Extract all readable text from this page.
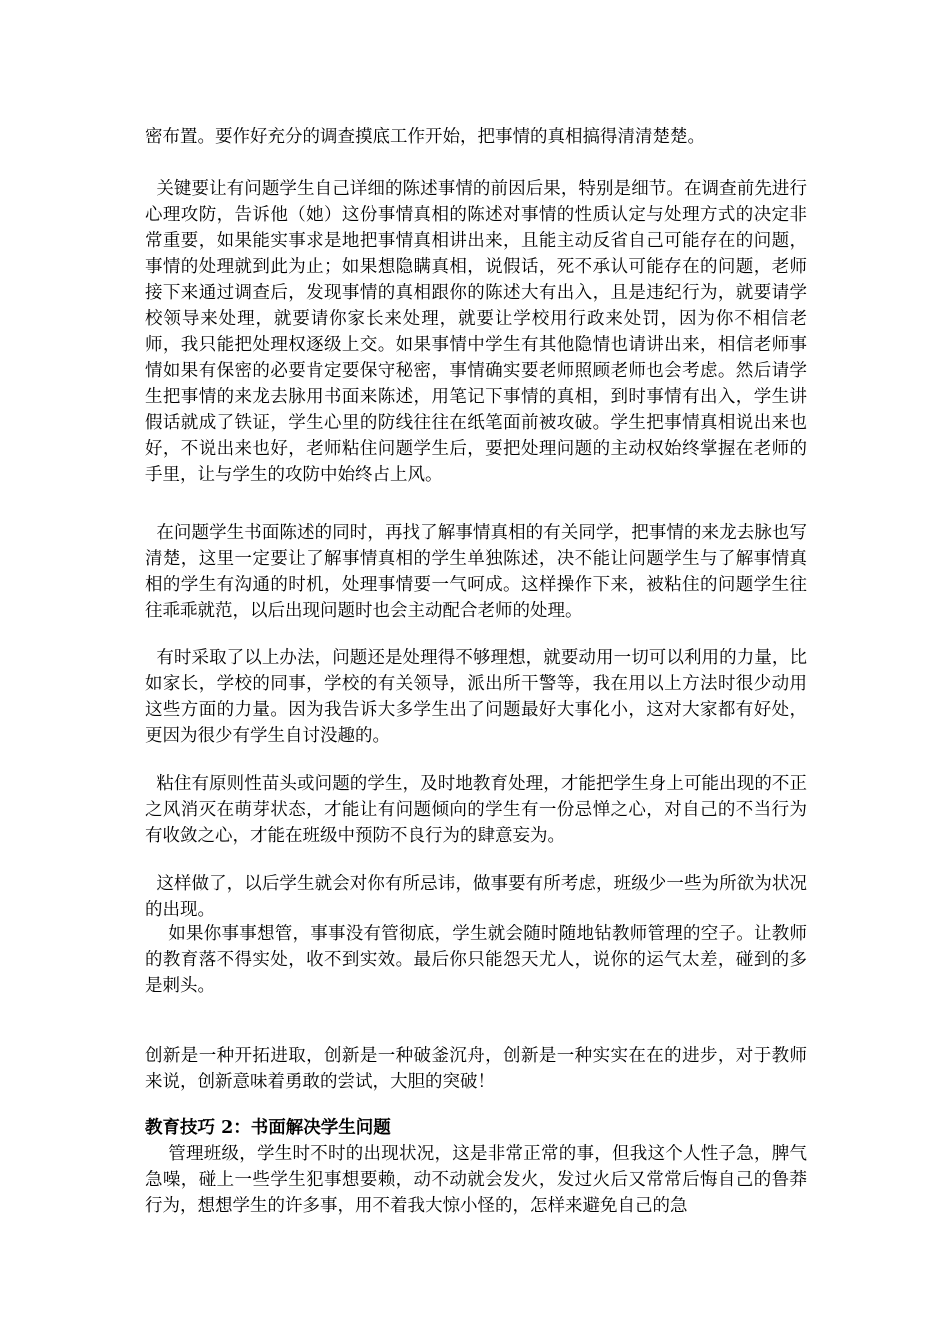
密布置。要作好充分的调查摸底工作开始，把事情的真相搞得清清楚楚。

关键要让有问题学生自己详细的陈述事情的前因后果，特别是细节。在调查前先进行心理攻防，告诉他（她）这份事情真相的陈述对事情的性质认定与处理方式的决定非常重要，如果能实事求是地把事情真相讲出来，且能主动反省自己可能存在的问题，事情的处理就到此为止；如果想隐瞒真相，说假话，死不承认可能存在的问题，老师接下来通过调查后，发现事情的真相跟你的陈述大有出入，且是违纪行为，就要请学校领导来处理，就要请你家长来处理，就要让学校用行政来处罚，因为你不相信老师，我只能把处理权逐级上交。如果事情中学生有其他隐情也请讲出来，相信老师事情如果有保密的必要肯定要保守秘密，事情确实要老师照顾老师也会考虑。然后请学生把事情的来龙去脉用书面来陈述，用笔记下事情的真相，到时事情有出入，学生讲假话就成了铁证，学生心里的防线往往在纸笔面前被攻破。学生把事情真相说出来也好，不说出来也好，老师粘住问题学生后，要把处理问题的主动权始终掌握在老师的手里，让与学生的攻防中始终占上风。

在问题学生书面陈述的同时，再找了解事情真相的有关同学，把事情的来龙去脉也写清楚，这里一定要让了解事情真相的学生单独陈述，决不能让问题学生与了解事情真相的学生有沟通的时机，处理事情要一气呵成。这样操作下来，被粘住的问题学生往往乖乖就范，以后出现问题时也会主动配合老师的处理。

有时采取了以上办法，问题还是处理得不够理想，就要动用一切可以利用的力量，比如家长，学校的同事，学校的有关领导，派出所干警等，我在用以上方法时很少动用这些方面的力量。因为我告诉大多学生出了问题最好大事化小，这对大家都有好处，更因为很少有学生自讨没趣的。

粘住有原则性苗头或问题的学生，及时地教育处理，才能把学生身上可能出现的不正之风消灭在萌芽状态，才能让有问题倾向的学生有一份忌惮之心，对自己的不当行为有收敛之心，才能在班级中预防不良行为的肆意妄为。

这样做了，以后学生就会对你有所忌讳，做事要有所考虑，班级少一些为所欲为状况的出现。

如果你事事想管，事事没有管彻底，学生就会随时随地钻教师管理的空子。让教师的教育落不得实处，收不到实效。最后你只能怨天尤人，说你的运气太差，碰到的多是刺头。

创新是一种开拓进取，创新是一种破釜沉舟，创新是一种实实在在的进步，对于教师来说，创新意味着勇敢的尝试，大胆的突破！

教育技巧 2：书面解决学生问题

管理班级，学生时不时的出现状况，这是非常正常的事，但我这个人性子急，脾气急噪，碰上一些学生犯事想要赖，动不动就会发火，发过火后又常常后悔自己的鲁莽行为，想想学生的许多事，用不着我大惊小怪的，怎样来避免自己的急
